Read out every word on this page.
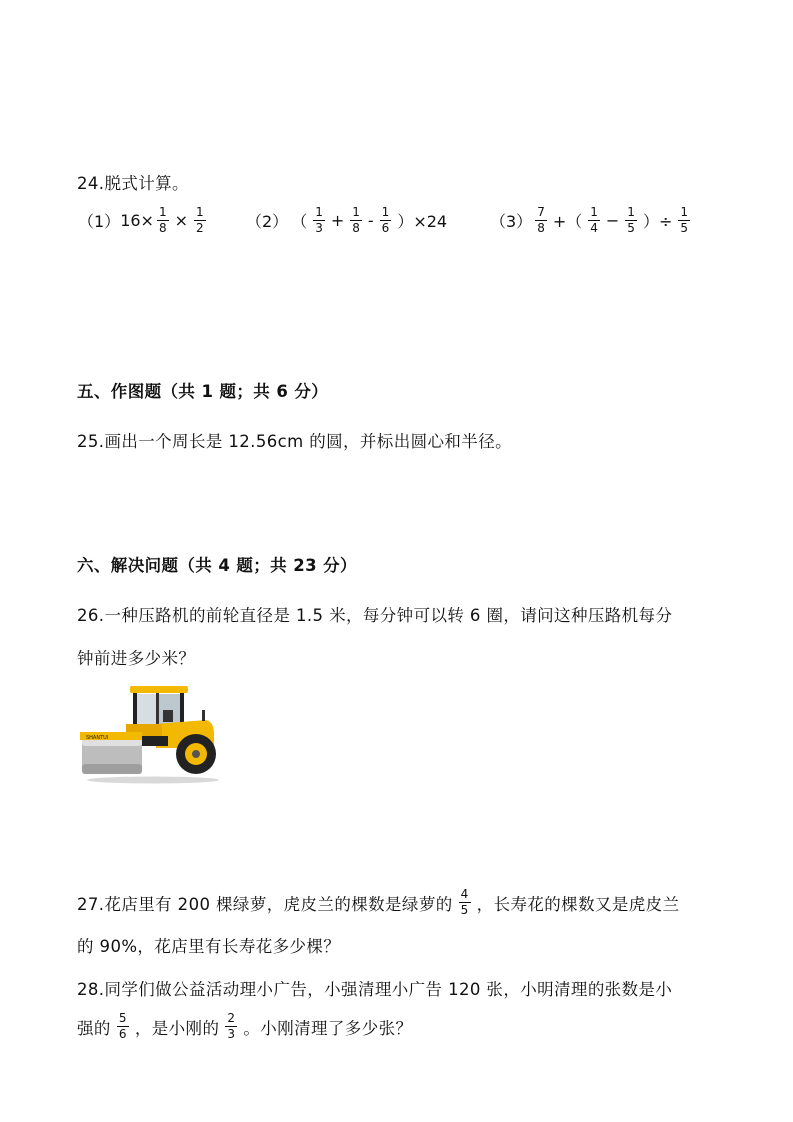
24.脱式计算。
（1） $16\times \frac{1}{8} \times \frac{1}{2}$	（2） （ $\frac{1}{3} + \frac{1}{8} - \frac{1}{6} )\times 24$	$(3) \frac{7}{8}$ +（ $\frac{1}{4} - \frac{1}{5}$ ）÷ $\frac{1}{5}$
五、作图题（共 1 题；共 6 分）
25.画出一个周长是 12.56cm 的圆，并标出圆心和半径。
六、解决问题（共 4 题；共 23 分）
26.一种压路机的前轮直径是 1.5 米，每分钟可以转 6 圈，请问这种压路机每分
钟前进多少米？
SHANTUI
27.花店里有 200 棵绿萝，虎皮兰的棵数是绿萝的 $\frac{4}{5}$ ，长寿花的棵数又是虎皮兰
的 90%，花店里有长寿花多少棵？
28.同学们做公益活动理小广告，小强清理小广告 120 张，小明清理的张数是小
强的 $\frac{5}{6}$ ，是小刚的 $\frac{2}{3}$ 。小刚清理了多少张？
